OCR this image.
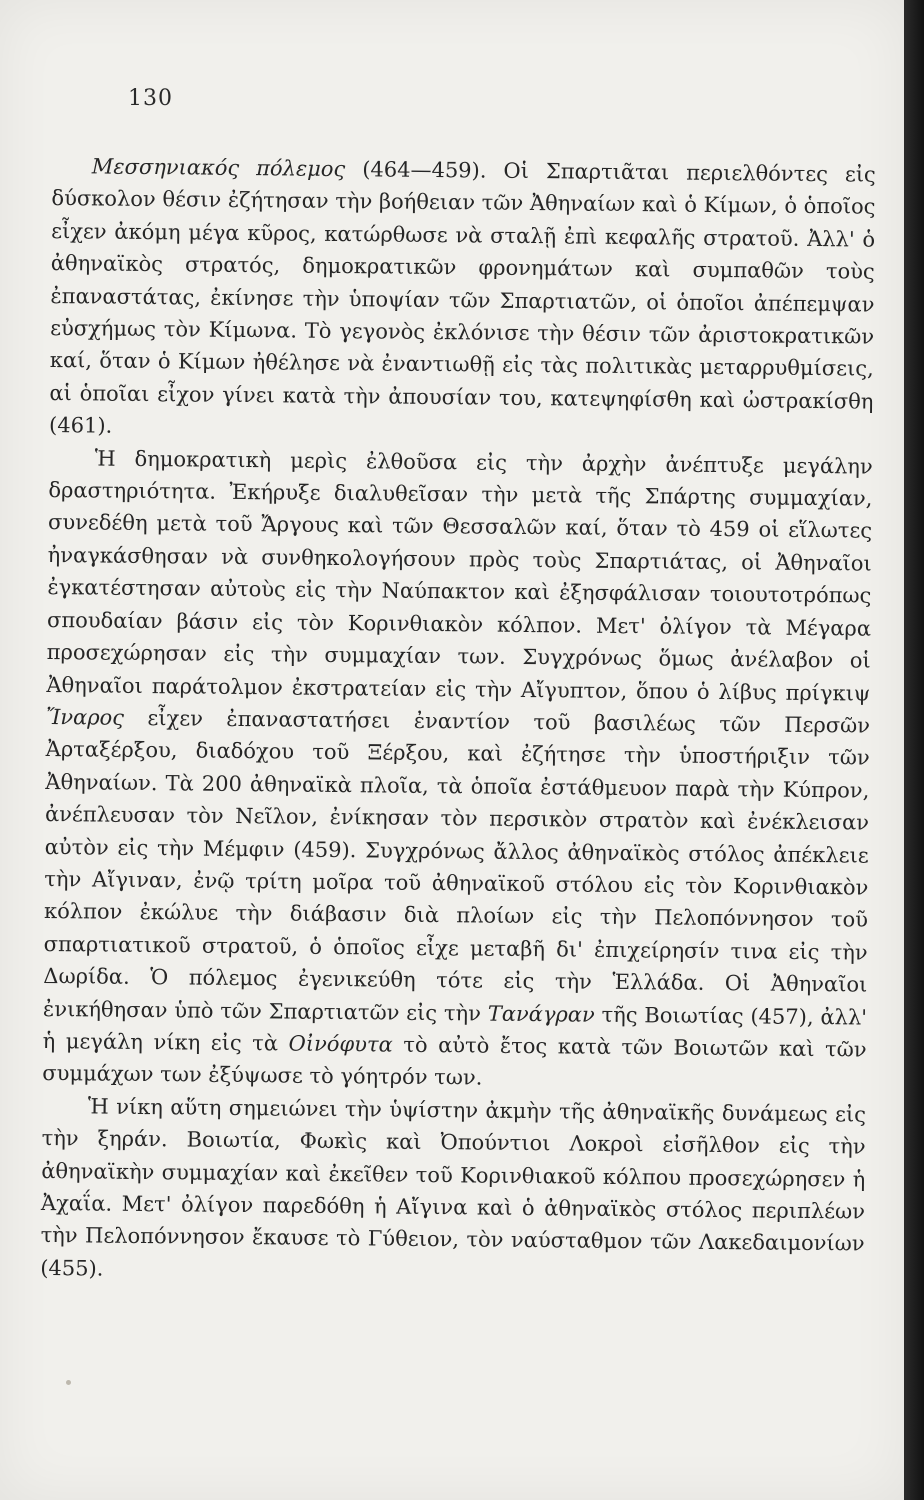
130

Μεσσηνιακός πόλεμος (464—459). Οἱ Σπαρτιᾶται περιελθόντες εἰς δύσκολον θέσιν ἐζήτησαν τὴν βοήθειαν τῶν Ἀθηναίων καὶ ὁ Κίμων, ὁ ὁποῖος εἶχεν ἀκόμη μέγα κῦρος, κατώρθωσε νὰ σταλῇ ἐπὶ κεφαλῆς στρατοῦ. Ἀλλ' ὁ ἀθηναϊκὸς στρατός, δημοκρατικῶν φρονημάτων καὶ συμπαθῶν τοὺς ἐπαναστάτας, ἐκίνησε τὴν ὑποψίαν τῶν Σπαρτιατῶν, οἱ ὁποῖοι ἀπέπεμψαν εὐσχήμως τὸν Κίμωνα. Τὸ γεγονὸς ἐκλόνισε τὴν θέσιν τῶν ἀριστοκρατικῶν καί, ὅταν ὁ Κίμων ἠθέλησε νὰ ἐναντιωθῇ εἰς τὰς πολιτικὰς μεταρρυθμίσεις, αἱ ὁποῖαι εἶχον γίνει κατὰ τὴν ἀπουσίαν του, κατεψηφίσθη καὶ ὠστρακίσθη (461).

Ἡ δημοκρατικὴ μερὶς ἐλθοῦσα εἰς τὴν ἀρχὴν ἀνέπτυξε μεγάλην δραστηριότητα. Ἐκήρυξε διαλυθεῖσαν τὴν μετὰ τῆς Σπάρτης συμμαχίαν, συνεδέθη μετὰ τοῦ Ἄργους καὶ τῶν Θεσσαλῶν καί, ὅταν τὸ 459 οἱ εἵλωτες ἠναγκάσθησαν νὰ συνθηκολογήσουν πρὸς τοὺς Σπαρτιάτας, οἱ Ἀθηναῖοι ἐγκατέστησαν αὐτοὺς εἰς τὴν Ναύπακτον καὶ ἐξησφάλισαν τοιουτοτρόπως σπουδαίαν βάσιν εἰς τὸν Κορινθιακὸν κόλπον. Μετ' ὀλίγον τὰ Μέγαρα προσεχώρησαν εἰς τὴν συμμαχίαν των. Συγχρόνως ὅμως ἀνέλαβον οἱ Ἀθηναῖοι παράτολμον ἐκστρατείαν εἰς τὴν Αἴγυπτον, ὅπου ὁ λίβυς πρίγκιψ Ἴναρος εἶχεν ἐπαναστατήσει ἐναντίον τοῦ βασιλέως τῶν Περσῶν Ἀρταξέρξου, διαδόχου τοῦ Ξέρξου, καὶ ἐζήτησε τὴν ὑποστήριξιν τῶν Ἀθηναίων. Τὰ 200 ἀθηναϊκὰ πλοῖα, τὰ ὁποῖα ἐστάθμευον παρὰ τὴν Κύπρον, ἀνέπλευσαν τὸν Νεῖλον, ἐνίκησαν τὸν περσικὸν στρατὸν καὶ ἐνέκλεισαν αὐτὸν εἰς τὴν Μέμφιν (459). Συγχρόνως ἄλλος ἀθηναϊκὸς στόλος ἀπέκλειε τὴν Αἴγιναν, ἐνῷ τρίτη μοῖρα τοῦ ἀθηναϊκοῦ στόλου εἰς τὸν Κορινθιακὸν κόλπον ἐκώλυε τὴν διάβασιν διὰ πλοίων εἰς τὴν Πελοπόννησον τοῦ σπαρτιατικοῦ στρατοῦ, ὁ ὁποῖος εἶχε μεταβῆ δι' ἐπιχείρησίν τινα εἰς τὴν Δωρίδα. Ὁ πόλεμος ἐγενικεύθη τότε εἰς τὴν Ἑλλάδα. Οἱ Ἀθηναῖοι ἐνικήθησαν ὑπὸ τῶν Σπαρτιατῶν εἰς τὴν Τανάγραν τῆς Βοιωτίας (457), ἀλλ' ἡ μεγάλη νίκη εἰς τὰ Οἰνόφυτα τὸ αὐτὸ ἔτος κατὰ τῶν Βοιωτῶν καὶ τῶν συμμάχων των ἐξύψωσε τὸ γόητρόν των.

Ἡ νίκη αὕτη σημειώνει τὴν ὑψίστην ἀκμὴν τῆς ἀθηναϊκῆς δυνάμεως εἰς τὴν ξηράν. Βοιωτία, Φωκὶς καὶ Ὀπούντιοι Λοκροὶ εἰσῆλθον εἰς τὴν ἀθηναϊκὴν συμμαχίαν καὶ ἐκεῖθεν τοῦ Κορινθιακοῦ κόλπου προσεχώρησεν ἡ Ἀχαΐα. Μετ' ὀλίγον παρεδόθη ἡ Αἴγινα καὶ ὁ ἀθηναϊκὸς στόλος περιπλέων τὴν Πελοπόννησον ἔκαυσε τὸ Γύθειον, τὸν ναύσταθμον τῶν Λακεδαιμονίων (455).
